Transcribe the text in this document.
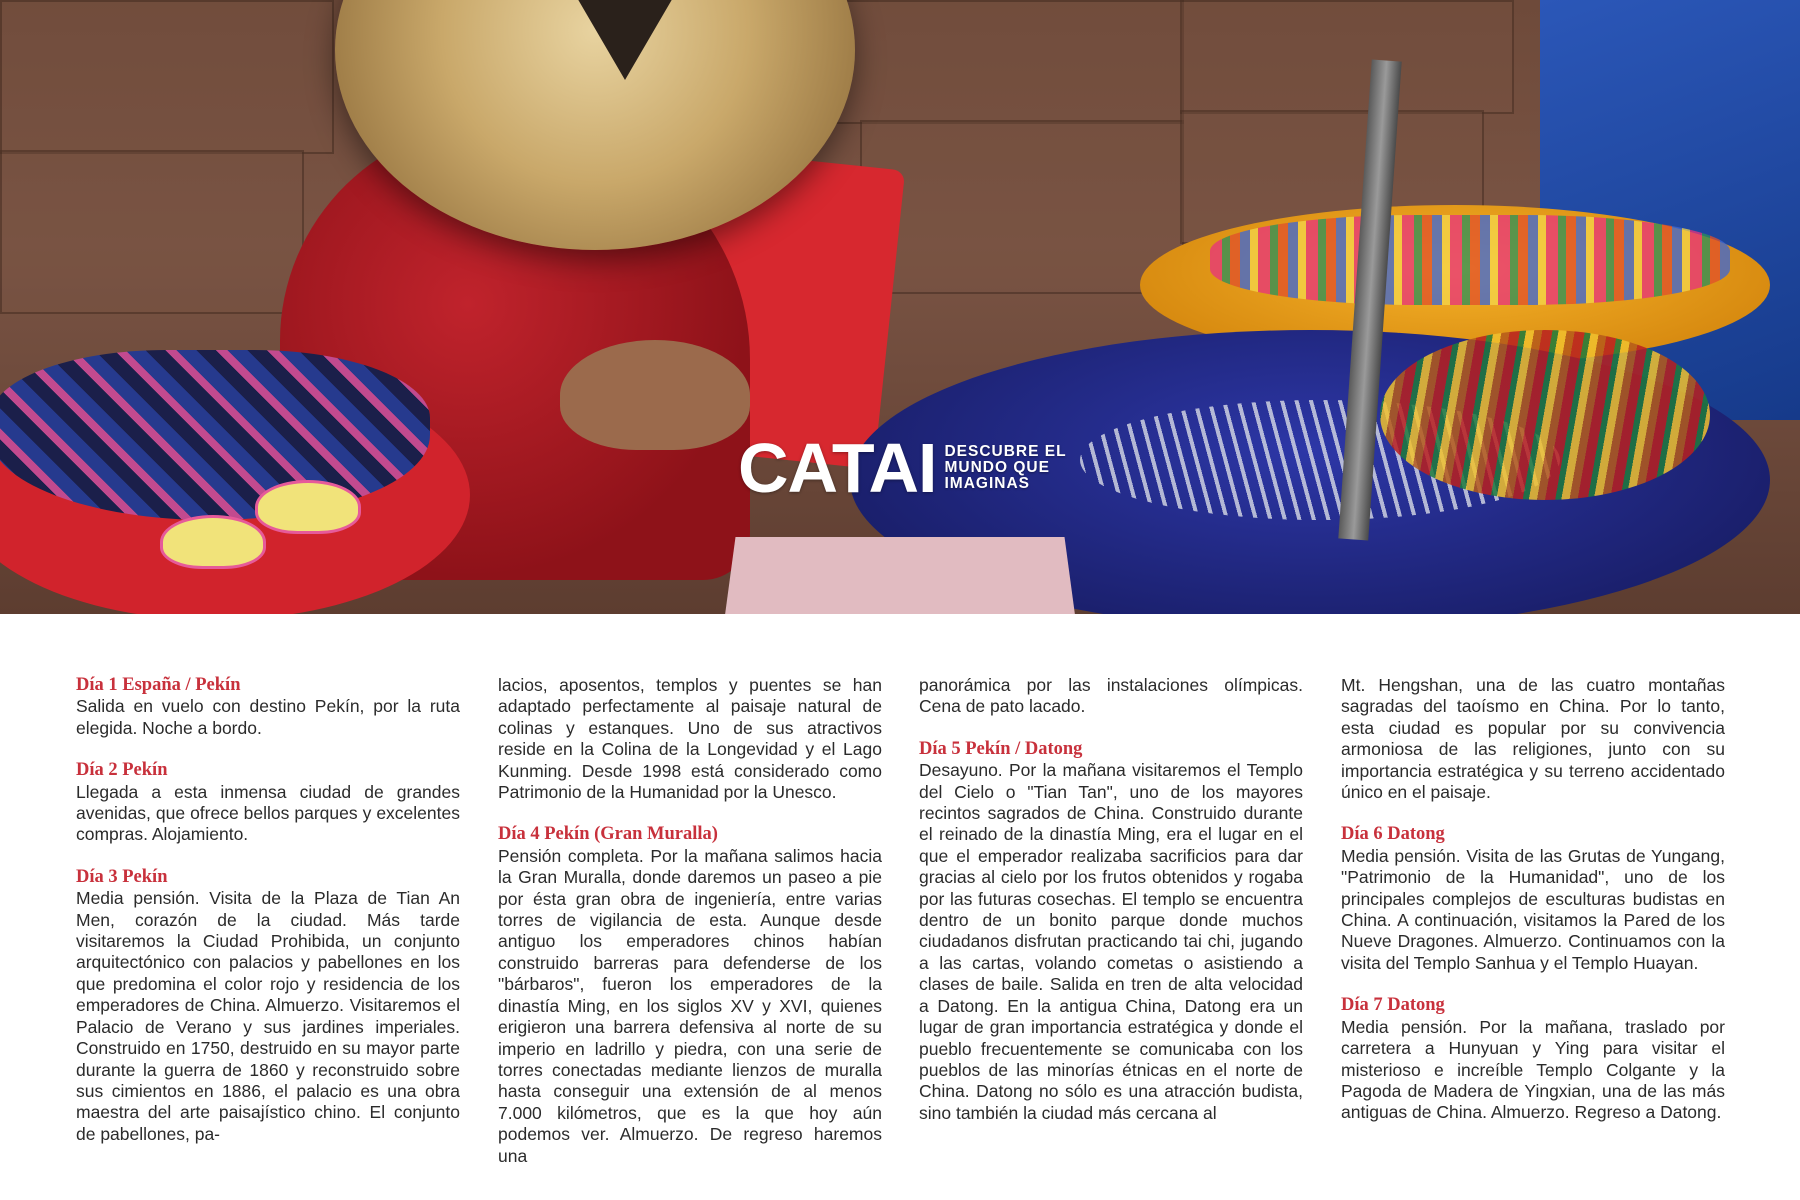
CATAI DESCUBRE EL
MUNDO QUE
IMAGINAS

Día 1 España / Pekín

Salida en vuelo con destino Pekín, por la ruta elegida. Noche a bordo.

Día 2 Pekín

Llegada a esta inmensa ciudad de grandes avenidas, que ofrece bellos parques y excelentes compras. Alojamiento.

Día 3 Pekín

Media pensión. Visita de la Plaza de Tian An Men, corazón de la ciudad. Más tarde visitaremos la Ciudad Prohibida, un conjunto arquitectónico con palacios y pabellones en los que predomina el color rojo y residencia de los emperadores de China. Almuerzo. Visitaremos el Palacio de Verano y sus jardines imperiales. Construido en 1750, destruido en su mayor parte durante la guerra de 1860 y reconstruido sobre sus cimientos en 1886, el palacio es una obra maestra del arte paisajístico chino. El conjunto de pabellones, pa-

lacios, aposentos, templos y puentes se han adaptado perfectamente al paisaje natural de colinas y estanques. Uno de sus atractivos reside en la Colina de la Longevidad y el Lago Kunming. Desde 1998 está considerado como Patrimonio de la Humanidad por la Unesco.

Día 4 Pekín (Gran Muralla)

Pensión completa. Por la mañana salimos hacia la Gran Muralla, donde daremos un paseo a pie por ésta gran obra de ingeniería, entre varias torres de vigilancia de esta. Aunque desde antiguo los emperadores chinos habían construido barreras para defenderse de los "bárbaros", fueron los emperadores de la dinastía Ming, en los siglos XV y XVI, quienes erigieron una barrera defensiva al norte de su imperio en ladrillo y piedra, con una serie de torres conectadas mediante lienzos de muralla hasta conseguir una extensión de al menos 7.000 kilómetros, que es la que hoy aún podemos ver. Almuerzo. De regreso haremos una

panorámica por las instalaciones olímpicas. Cena de pato lacado.

Día 5 Pekín / Datong

Desayuno. Por la mañana visitaremos el Templo del Cielo o "Tian Tan", uno de los mayores recintos sagrados de China. Construido durante el reinado de la dinastía Ming, era el lugar en el que el emperador realizaba sacrificios para dar gracias al cielo por los frutos obtenidos y rogaba por las futuras cosechas. El templo se encuentra dentro de un bonito parque donde muchos ciudadanos disfrutan practicando tai chi, jugando a las cartas, volando cometas o asistiendo a clases de baile. Salida en tren de alta velocidad a Datong. En la antigua China, Datong era un lugar de gran importancia estratégica y donde el pueblo frecuentemente se comunicaba con los pueblos de las minorías étnicas en el norte de China. Datong no sólo es una atracción budista, sino también la ciudad más cercana al

Mt. Hengshan, una de las cuatro montañas sagradas del taoísmo en China. Por lo tanto, esta ciudad es popular por su convivencia armoniosa de las religiones, junto con su importancia estratégica y su terreno accidentado único en el paisaje.

Día 6 Datong

Media pensión. Visita de las Grutas de Yungang, "Patrimonio de la Humanidad", uno de los principales complejos de esculturas budistas en China. A continuación, visitamos la Pared de los Nueve Dragones. Almuerzo. Continuamos con la visita del Templo Sanhua y el Templo Huayan.

Día 7 Datong

Media pensión. Por la mañana, traslado por carretera a Hunyuan y Ying para visitar el misterioso e increíble Templo Colgante y la Pagoda de Madera de Yingxian, una de las más antiguas de China. Almuerzo. Regreso a Datong.
